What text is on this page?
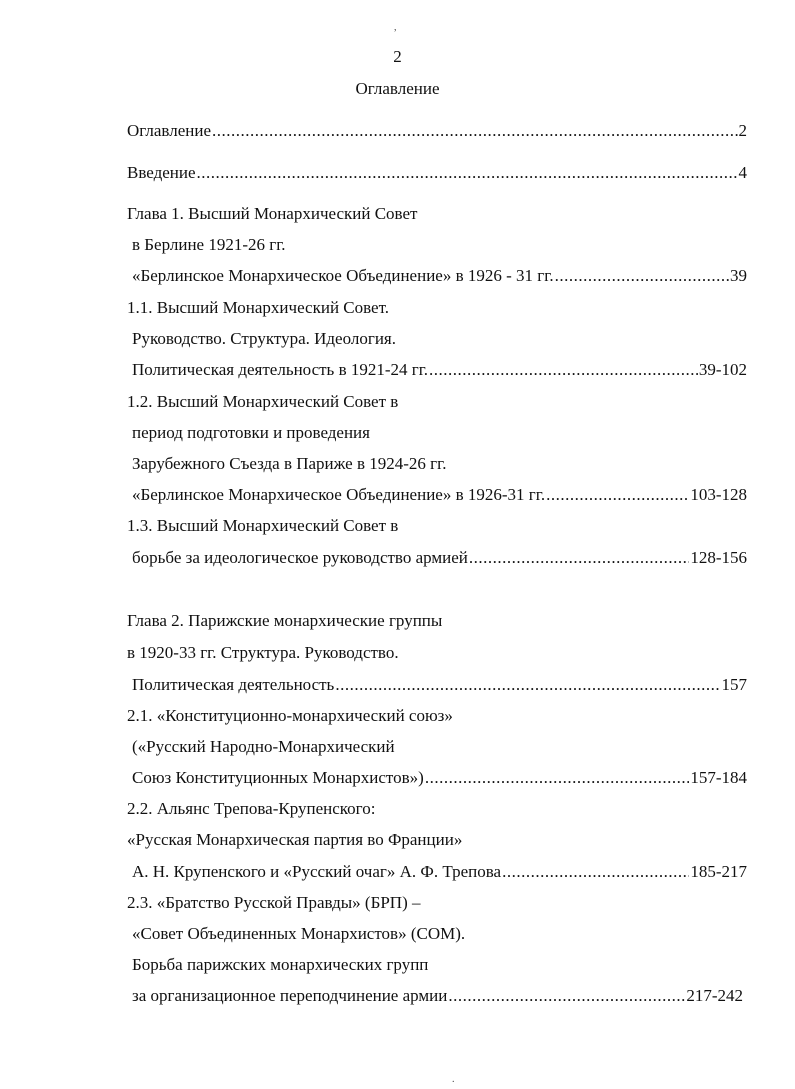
,
.
2
Оглавление
Оглавление .....	2
Введение .....	4
Глава 1. Высший Монархический Совет
в Берлине 1921-26 гг.
«Берлинское Монархическое Объединение» в 1926 - 31 гг. .....	39
1.1. Высший Монархический Совет.
Руководство. Структура. Идеология.
Политическая деятельность в 1921-24 гг. .....	39-102
1.2. Высший Монархический Совет в
период подготовки и проведения
Зарубежного Съезда в Париже в 1924-26 гг.
«Берлинское Монархическое Объединение» в 1926-31 гг. .....	103-128
1.3. Высший Монархический Совет в
борьбе за идеологическое руководство армией .....	128-156
Глава 2. Парижские монархические группы
в 1920-33 гг. Структура. Руководство.
Политическая деятельность .....	157
2.1. «Конституционно-монархический союз»
(«Русский Народно-Монархический
Союз Конституционных Монархистов») .....	157-184
2.2. Альянс Трепова-Крупенского:
«Русская Монархическая партия во Франции»
А. Н. Крупенского и «Русский очаг» А. Ф. Трепова .....	185-217
2.3. «Братство Русской Правды» (БРП) –
«Совет Объединенных Монархистов» (СОМ).
Борьба парижских монархических групп
за организационное переподчинение армии .....	217-242
